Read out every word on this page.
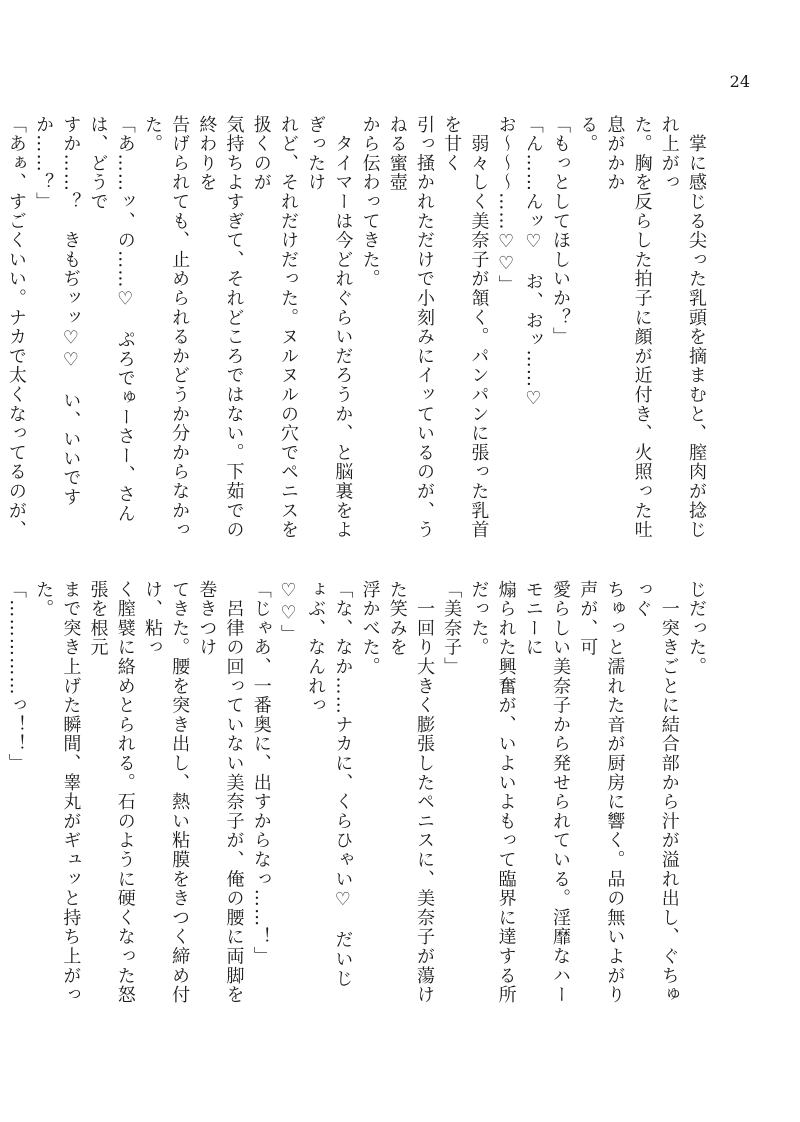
24

　掌に感じる尖った乳頭を摘まむと、膣肉が捻じれ上がっ

た。胸を反らした拍子に顔が近付き、火照った吐息がかか

る。

「もっとしてほしいか？」

「ん……んッ♡　お、おッ……♡　お〜〜〜……♡♡」

　弱々しく美奈子が頷く。パンパンに張った乳首を甘く

引っ掻かれただけで小刻みにイッているのが、うねる蜜壺

から伝わってきた。

　タイマーは今どれぐらいだろうか、と脳裏をよぎったけ

れど、それだけだった。ヌルヌルの穴でペニスを扱くのが

気持ちよすぎて、それどころではない。下茹での終わりを

告げられても、止められるかどうか分からなかった。

「あ……ッ、の……♡　ぷろでゅーさー、さんは、どうで

すか……？　きもぢッッ♡♡　い、いいですか……？」

「あぁ、すごくいい。ナカで太くなってるのが、

じだった。

　一突きごとに結合部から汁が溢れ出し、ぐちゅっぐ

ちゅっと濡れた音が厨房に響く。品の無いよがり声が、可

愛らしい美奈子から発せられている。淫靡なハーモニーに

煽られた興奮が、いよいよもって臨界に達する所だった。

「美奈子」

　一回り大きく膨張したペニスに、美奈子が蕩けた笑みを

浮かべた。

「な、なか……ナカに、くらひゃい♡　だいじょぶ、なんれっ

♡♡」

「じゃあ、一番奥に、出すからなっ……！」

　呂律の回っていない美奈子が、俺の腰に両脚を巻きつけ

てきた。腰を突き出し、熱い粘膜をきつく締め付け、粘っ

く膣襞に絡めとられる。石のように硬くなった怒張を根元

まで突き上げた瞬間、睾丸がギュッと持ち上がった。

「……………っ！！」
